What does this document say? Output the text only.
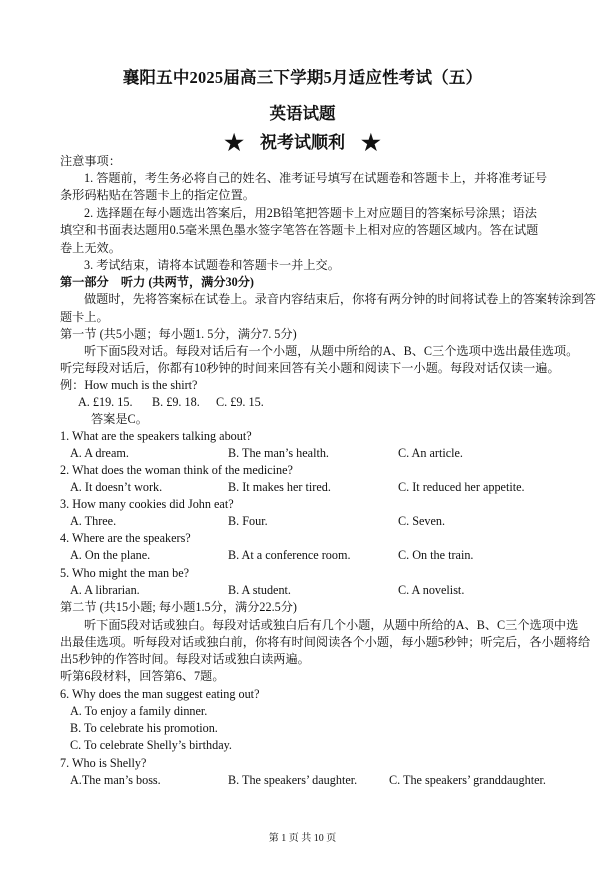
襄阳五中2025届高三下学期5月适应性考试（五）
英语试题
★ 祝考试顺利 ★
注意事项：
1. 答题前，考生务必将自己的姓名、准考证号填写在试题卷和答题卡上，并将准考证号
条形码粘贴在答题卡上的指定位置。
2. 选择题在每小题选出答案后，用2B铅笔把答题卡上对应题目的答案标号涂黑；语法
填空和书面表达题用0.5毫米黑色墨水签字笔答在答题卡上相对应的答题区域内。答在试题
卷上无效。
3. 考试结束，请将本试题卷和答题卡一并上交。
第一部分　听力 (共两节，满分30分)
做题时，先将答案标在试卷上。录音内容结束后，你将有两分钟的时间将试卷上的答案转涂到答
题卡上。
第一节 (共5小题；每小题1. 5分，满分7. 5分)
听下面5段对话。每段对话后有一个小题，从题中所给的A、B、C三个选项中选出最佳选项。
听完每段对话后，你都有10秒钟的时间来回答有关小题和阅读下一小题。每段对话仅读一遍。
例：How much is the shirt?
A. £19. 15. B. £9. 18. C. £9. 15.
答案是C。
1. What are the speakers talking about?
A. A dream.	B. The man’s health.	C. An article.
2. What does the woman think of the medicine?
A. It doesn’t work.	B. It makes her tired.	C. It reduced her appetite.
3. How many cookies did John eat?
A. Three.	B. Four.	C. Seven.
4. Where are the speakers?
A. On the plane.	B. At a conference room.	C. On the train.
5. Who might the man be?
A. A librarian.	B. A student.	C. A novelist.
第二节 (共15小题; 每小题1.5分，满分22.5分)
听下面5段对话或独白。每段对话或独白后有几个小题，从题中所给的A、B、C三个选项中选
出最佳选项。听每段对话或独白前，你将有时间阅读各个小题，每小题5秒钟；听完后，各小题将给
出5秒钟的作答时间。每段对话或独白读两遍。
听第6段材料，回答第6、7题。
6. Why does the man suggest eating out?
A. To enjoy a family dinner.
B. To celebrate his promotion.
C. To celebrate Shelly’s birthday.
7. Who is Shelly?
A.The man’s boss.	B. The speakers’ daughter.	C. The speakers’ granddaughter.
第 1 页 共 10 页
